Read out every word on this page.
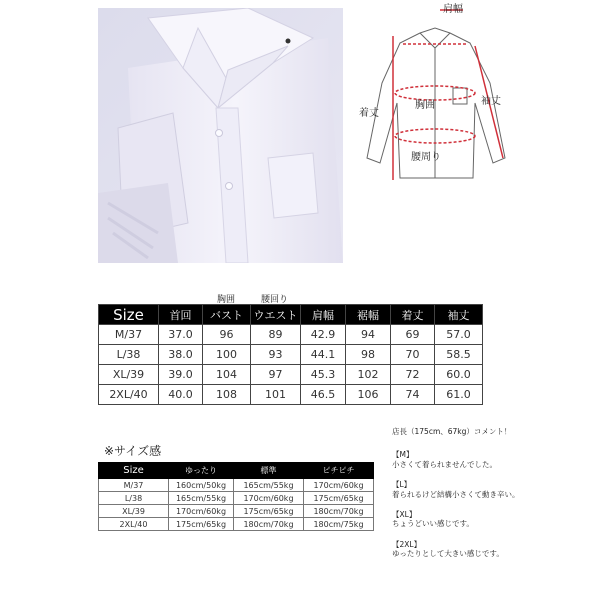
肩幅
袖丈
着丈
胸囲
腰周り
胸囲	腰回り
Size	首回	バスト	ウエスト	肩幅	裾幅	着丈	袖丈
M/37	37.0	96	89	42.9	94	69	57.0
L/38	38.0	100	93	44.1	98	70	58.5
XL/39	39.0	104	97	45.3	102	72	60.0
2XL/40	40.0	108	101	46.5	106	74	61.0
※サイズ感
Size	ゆったり	標準	ピチピチ
M/37	160cm/50kg	165cm/55kg	170cm/60kg
L/38	165cm/55kg	170cm/60kg	175cm/65kg
XL/39	170cm/60kg	175cm/65kg	180cm/70kg
2XL/40	175cm/65kg	180cm/70kg	180cm/75kg
店長（175cm、67kg）コメント！
【M】
小さくて着られませんでした。
【L】
着られるけど結構小さくて動き辛い。
【XL】
ちょうどいい感じです。
【2XL】
ゆったりとして大きい感じです。
